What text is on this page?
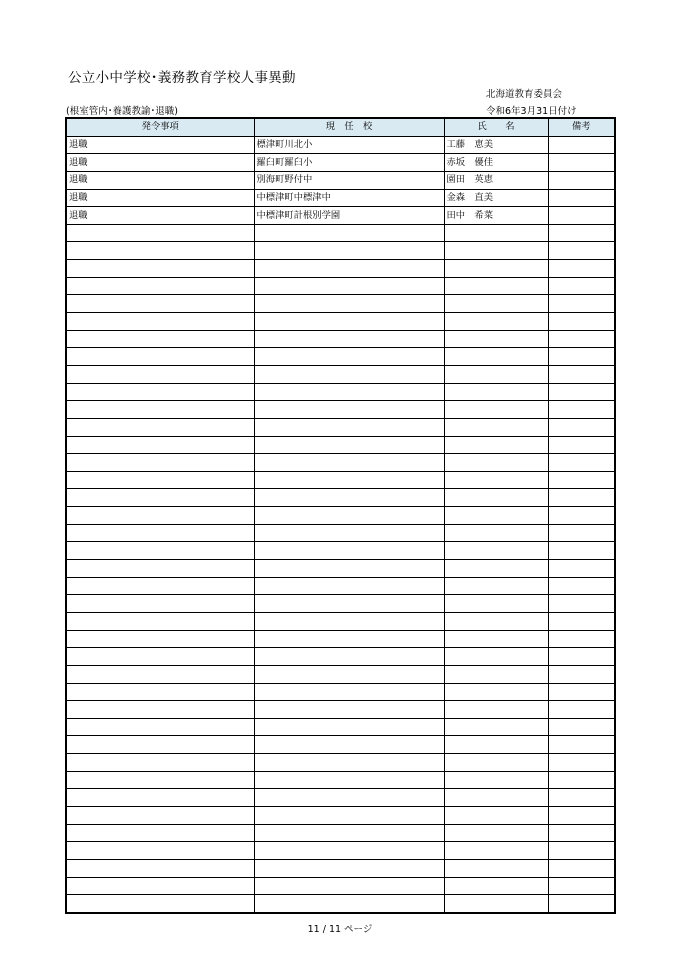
公立小中学校･義務教育学校人事異動
北海道教育委員会
(根室管内･養護教諭･退職)	令和6年3月31日付け
発令事項	現　任　校	氏　　名	備考
退職	標津町川北小	工藤　恵美	
退職	羅臼町羅臼小	赤坂　優佳	
退職	別海町野付中	園田　英恵	
退職	中標津町中標津中	金森　直美	
退職	中標津町計根別学園	田中　希菜	

11 / 11 ページ
